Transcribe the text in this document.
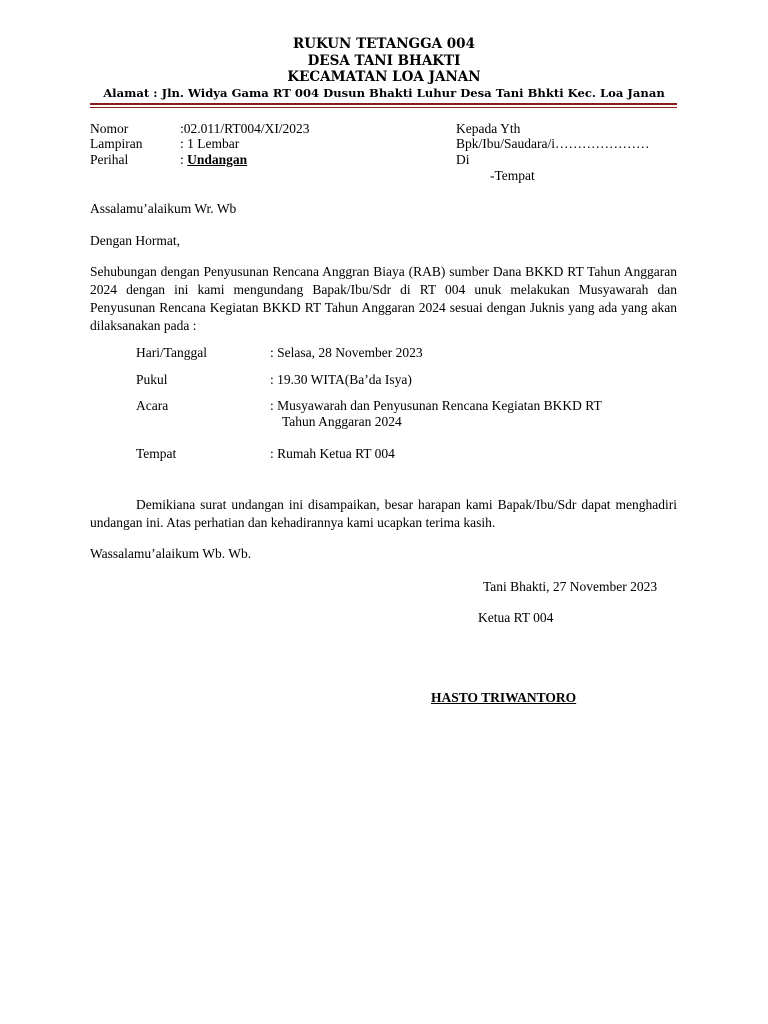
RUKUN TETANGGA 004
DESA TANI BHAKTI
KECAMATAN LOA JANAN
Alamat : Jln. Widya Gama RT 004 Dusun Bhakti Luhur Desa Tani Bhkti Kec. Loa Janan
Nomor	:02.011/RT004/XI/2023
Lampiran	: 1 Lembar
Perihal	: Undangan
Kepada Yth
Bpk/Ibu/Saudara/i…………………
Di
-Tempat
Assalamu’alaikum Wr. Wb
Dengan Hormat,
Sehubungan dengan Penyusunan Rencana Anggran Biaya (RAB) sumber Dana BKKD RT Tahun Anggaran 2024 dengan ini kami mengundang Bapak/Ibu/Sdr di RT 004 unuk melakukan Musyawarah dan Penyusunan Rencana Kegiatan BKKD RT Tahun Anggaran 2024 sesuai dengan Juknis yang ada yang akan dilaksanakan pada :
Hari/Tanggal	: Selasa, 28 November 2023
Pukul	: 19.30 WITA(Ba’da Isya)
Acara	: Musyawarah dan Penyusunan Rencana Kegiatan BKKD RT
Tahun Anggaran 2024
Tempat	: Rumah Ketua RT 004
Demikiana surat undangan ini disampaikan, besar harapan kami Bapak/Ibu/Sdr dapat menghadiri undangan ini. Atas perhatian dan kehadirannya kami ucapkan terima kasih.
Wassalamu’alaikum Wb. Wb.
Tani Bhakti, 27 November 2023
Ketua RT 004
HASTO TRIWANTORO
